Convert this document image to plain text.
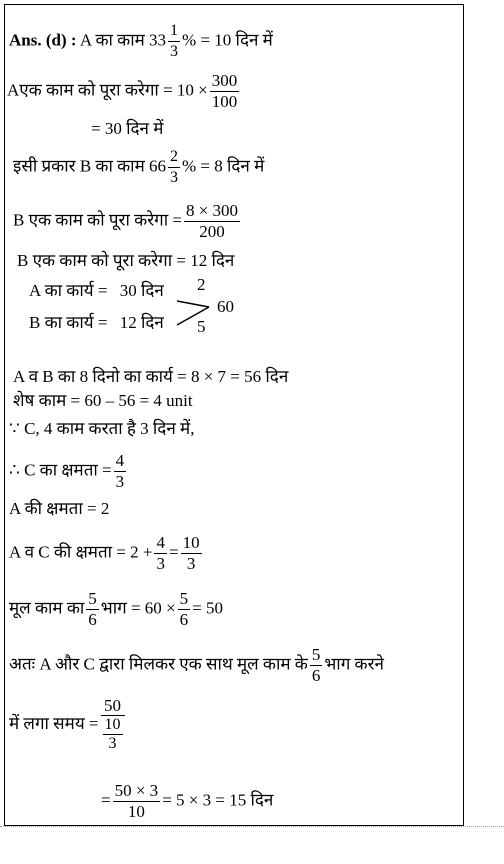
Ans. (d) : A का काम $33 \frac{1}{3}$ % = 10 दिन में
Aएक काम को पूरा करेगा = $10 \times \frac{300}{100}$
= 30 दिन में
इसी प्रकार B का काम $66 \frac{2}{3}$ % = 8 दिन में
B एक काम को पूरा करेगा = $\frac{8 \times 300}{200}$
B एक काम को पूरा करेगा = 12 दिन
A का कार्य = 30 दिन
B का कार्य = 12 दिन
2
5
60
A व B का 8 दिनो का कार्य = 8 × 7 = 56 दिन
शेष काम = 60 – 56 = 4 unit
∵ C, 4 काम करता है 3 दिन में,
∴ C का क्षमता = $\frac{4}{3}$
A की क्षमता = 2
A व C की क्षमता = $2 + \frac{4}{3} = \frac{10}{3}$
मूल काम का $\frac{5}{6}$ भाग = $60 \times \frac{5}{6} = 50$
अतः A और C द्वारा मिलकर एक साथ मूल काम के $\frac{5}{6}$ भाग करने
में लगा समय = $\frac{50}{\frac{10}{3}}$
= $\frac{50 \times 3}{10} = 5 \times 3 = 15$ दिन
